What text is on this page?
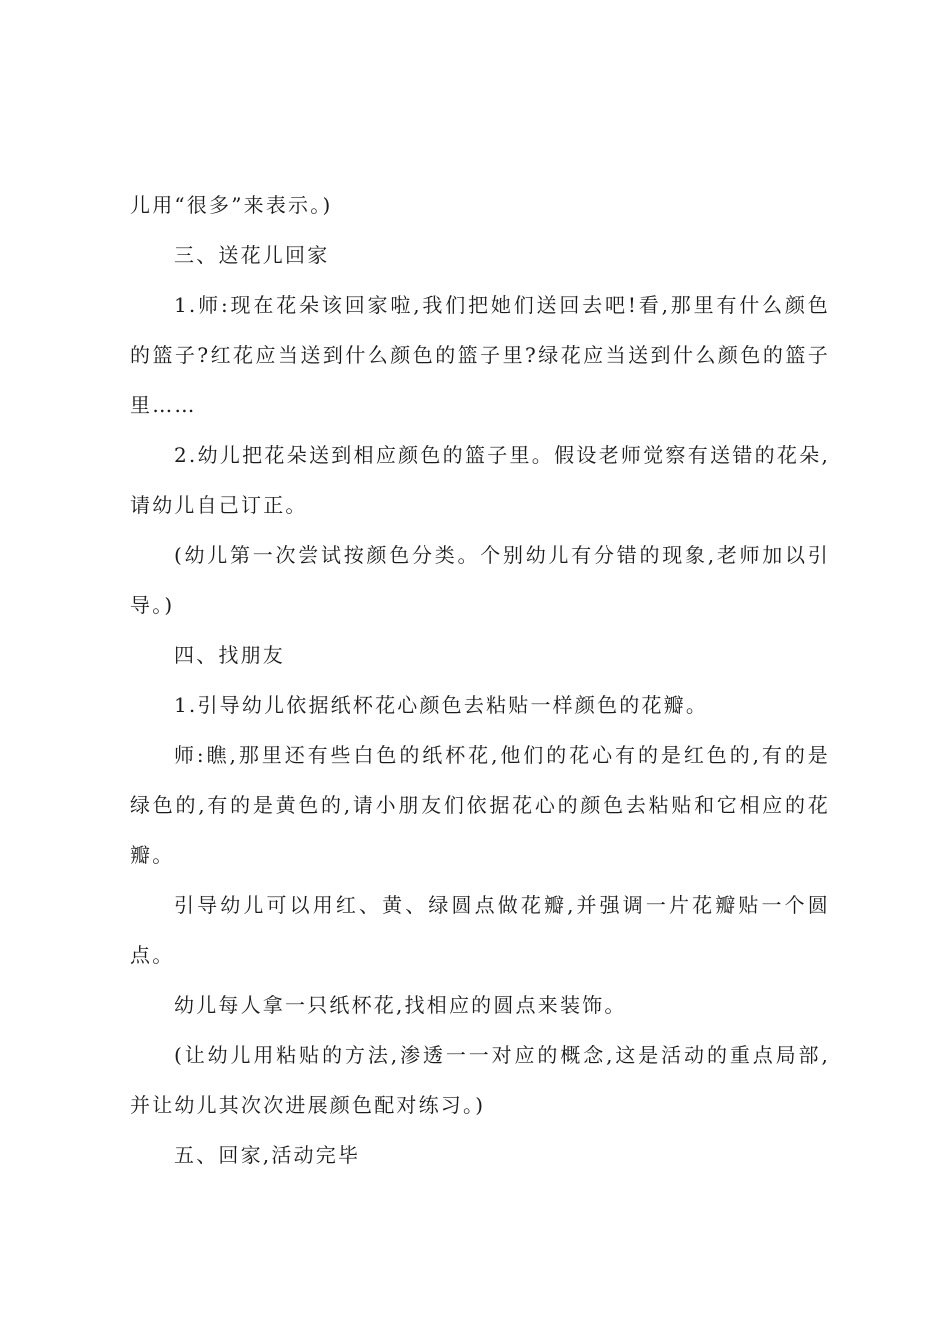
儿用“很多”来表示。)

三、送花儿回家

1.师:现在花朵该回家啦,我们把她们送回去吧!看,那里有什么颜色的篮子?红花应当送到什么颜色的篮子里?绿花应当送到什么颜色的篮子里……

2.幼儿把花朵送到相应颜色的篮子里。假设老师觉察有送错的花朵,请幼儿自己订正。

(幼儿第一次尝试按颜色分类。个别幼儿有分错的现象,老师加以引导。)

四、找朋友

1.引导幼儿依据纸杯花心颜色去粘贴一样颜色的花瓣。

师:瞧,那里还有些白色的纸杯花,他们的花心有的是红色的,有的是绿色的,有的是黄色的,请小朋友们依据花心的颜色去粘贴和它相应的花瓣。

引导幼儿可以用红、黄、绿圆点做花瓣,并强调一片花瓣贴一个圆点。

幼儿每人拿一只纸杯花,找相应的圆点来装饰。

(让幼儿用粘贴的方法,渗透一一对应的概念,这是活动的重点局部,并让幼儿其次次进展颜色配对练习。)

五、回家,活动完毕
